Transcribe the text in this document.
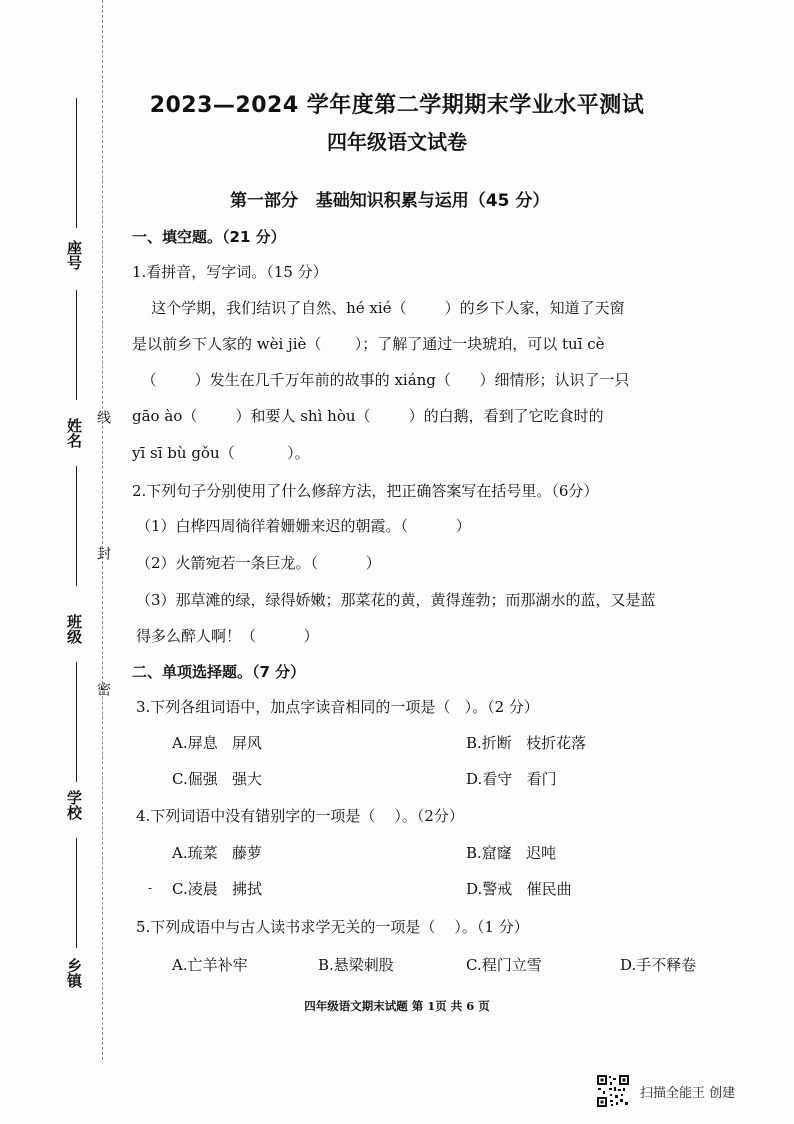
座号
姓名
班级
学校
乡镇
线
封
密
2023—2024 学年度第二学期期末学业水平测试
四年级语文试卷
第一部分   基础知识积累与运用（45 分）
一、填空题。（21 分）
1.看拼音，写字词。（15 分）
这个学期，我们结识了自然、hé xié（        ）的乡下人家，知道了天窗
是以前乡下人家的 wèi jiè（       ）；了解了通过一块琥珀，可以 tuī cè
（        ）发生在几千万年前的故事的 xiáng（      ）细情形；认识了一只
gāo ào（        ）和要人 shì hòu（        ）的白鹅，看到了它吃食时的
yī sī bù gǒu（           ）。
2.下列句子分别使用了什么修辞方法，把正确答案写在括号里。（6分）
（1）白桦四周徜徉着姗姗来迟的朝霞。（          ）
（2）火箭宛若一条巨龙。（          ）
（3）那草滩的绿，绿得娇嫩；那菜花的黄，黄得莲勃；而那湖水的蓝，又是蓝
得多么醉人啊！（          ）
二、单项选择题。（7 分）
3.下列各组词语中，加点字读音相同的一项是（   ）。（2 分）
A.屏息   屏风	B.折断   枝折花落
C.倔强   强大	D.看守   看门
4.下列词语中没有错别字的一项是（    ）。（2分）
A.琉菜   藤萝	B.窟窿   迟吨
- C.凌晨   拂拭	D.警戒   催民曲
5.下列成语中与古人读书求学无关的一项是（    ）。（1 分）
A.亡羊补牢	B.悬梁刺股	C.程门立雪	D.手不释卷
四年级语文期末试题 第 1页 共 6 页
扫描全能王 创建
